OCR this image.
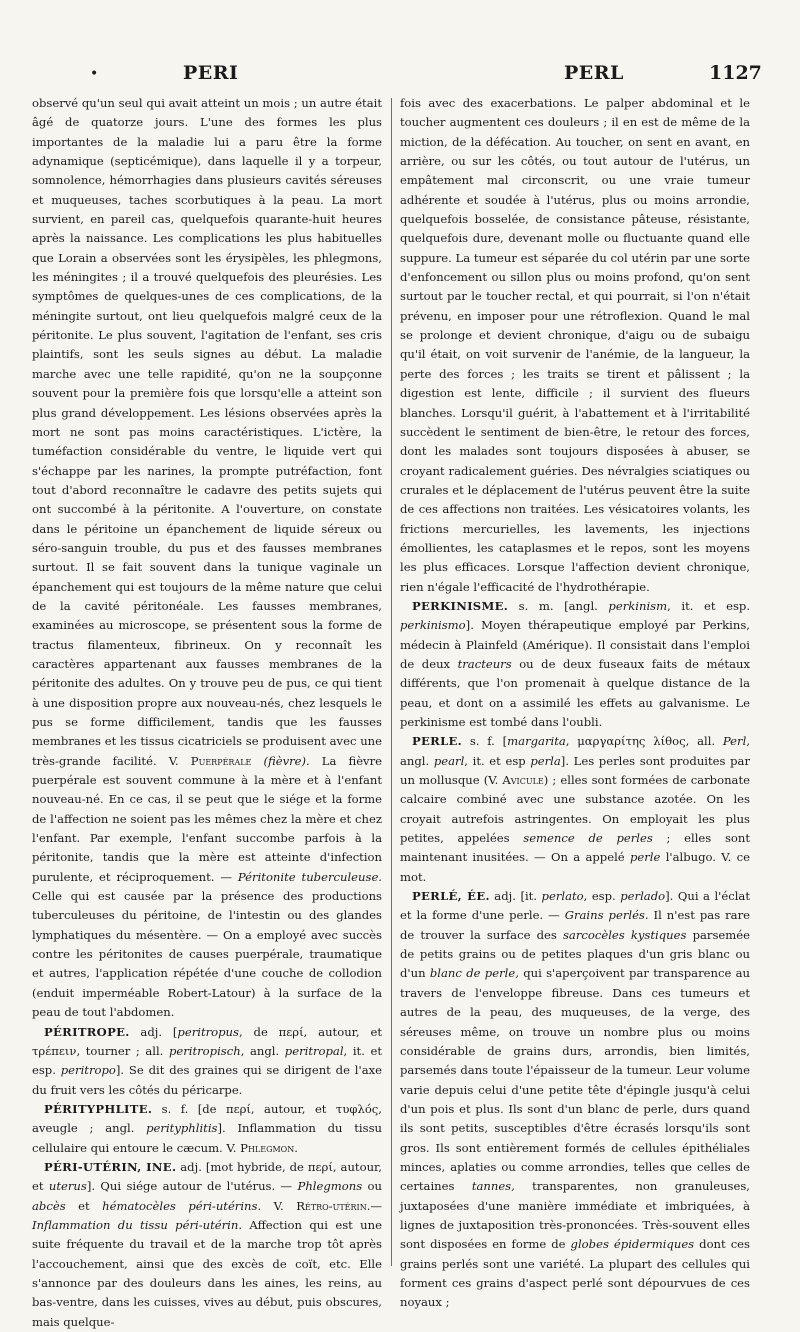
•	PERI	PERL	1127

observé qu'un seul qui avait atteint un mois ; un autre était âgé de quatorze jours. L'une des formes les plus importantes de la maladie lui a paru être la forme adynamique (septicémique), dans laquelle il y a torpeur, somnolence, hémorrhagies dans plusieurs cavités séreuses et muqueuses, taches scorbutiques à la peau. La mort survient, en pareil cas, quelquefois quarante-huit heures après la naissance. Les complications les plus habituelles que Lorain a observées sont les érysipèles, les phlegmons, les méningites ; il a trouvé quelquefois des pleurésies. Les symptômes de quelques-unes de ces complications, de la méningite surtout, ont lieu quelquefois malgré ceux de la péritonite. Le plus souvent, l'agitation de l'enfant, ses cris plaintifs, sont les seuls signes au début. La maladie marche avec une telle rapidité, qu'on ne la soupçonne souvent pour la première fois que lorsqu'elle a atteint son plus grand développement. Les lésions observées après la mort ne sont pas moins caractéristiques. L'ictère, la tuméfaction considérable du ventre, le liquide vert qui s'échappe par les narines, la prompte putréfaction, font tout d'abord reconnaître le cadavre des petits sujets qui ont succombé à la péritonite. A l'ouverture, on constate dans le péritoine un épanchement de liquide séreux ou séro-sanguin trouble, du pus et des fausses membranes surtout. Il se fait souvent dans la tunique vaginale un épanchement qui est toujours de la même nature que celui de la cavité péritonéale. Les fausses membranes, examinées au microscope, se présentent sous la forme de tractus filamenteux, fibrineux. On y reconnaît les caractères appartenant aux fausses membranes de la péritonite des adultes. On y trouve peu de pus, ce qui tient à une disposition propre aux nouveau-nés, chez lesquels le pus se forme difficilement, tandis que les fausses membranes et les tissus cicatriciels se produisent avec une très-grande facilité. V. Puerpérale (fièvre). La fièvre puerpérale est souvent commune à la mère et à l'enfant nouveau-né. En ce cas, il se peut que le siége et la forme de l'affection ne soient pas les mêmes chez la mère et chez l'enfant. Par exemple, l'enfant succombe parfois à la péritonite, tandis que la mère est atteinte d'infection purulente, et réciproquement. — Péritonite tuberculeuse. Celle qui est causée par la présence des productions tuberculeuses du péritoine, de l'intestin ou des glandes lymphatiques du mésentère. — On a employé avec succès contre les péritonites de causes puerpérale, traumatique et autres, l'application répétée d'une couche de collodion (enduit imperméable Robert-Latour) à la surface de la peau de tout l'abdomen.

PÉRITROPE. adj. [peritropus, de περί, autour, et τρέπειν, tourner ; all. peritropisch, angl. peritropal, it. et esp. peritropo]. Se dit des graines qui se dirigent de l'axe du fruit vers les côtés du péricarpe.

PÉRITYPHLITE. s. f. [de περί, autour, et τυφλός, aveugle ; angl. perityphlitis]. Inflammation du tissu cellulaire qui entoure le cæcum. V. Phlegmon.

PÉRI-UTÉRIN, INE. adj. [mot hybride, de περί, autour, et uterus]. Qui siége autour de l'utérus. — Phlegmons ou abcès et hématocèles péri-utérins. V. Rétro-utérin.—Inflammation du tissu péri-utérin. Affection qui est une suite fréquente du travail et de la marche trop tôt après l'accouchement, ainsi que des excès de coït, etc. Elle s'annonce par des douleurs dans les aines, les reins, au bas-ventre, dans les cuisses, vives au début, puis obscures, mais quelque-

fois avec des exacerbations. Le palper abdominal et le toucher augmentent ces douleurs ; il en est de même de la miction, de la défécation. Au toucher, on sent en avant, en arrière, ou sur les côtés, ou tout autour de l'utérus, un empâtement mal circonscrit, ou une vraie tumeur adhérente et soudée à l'utérus, plus ou moins arrondie, quelquefois bosselée, de consistance pâteuse, résistante, quelquefois dure, devenant molle ou fluctuante quand elle suppure. La tumeur est séparée du col utérin par une sorte d'enfoncement ou sillon plus ou moins profond, qu'on sent surtout par le toucher rectal, et qui pourrait, si l'on n'était prévenu, en imposer pour une rétroflexion. Quand le mal se prolonge et devient chronique, d'aigu ou de subaigu qu'il était, on voit survenir de l'anémie, de la langueur, la perte des forces ; les traits se tirent et pâlissent ; la digestion est lente, difficile ; il survient des flueurs blanches. Lorsqu'il guérit, à l'abattement et à l'irritabilité succèdent le sentiment de bien-être, le retour des forces, dont les malades sont toujours disposées à abuser, se croyant radicalement guéries. Des névralgies sciatiques ou crurales et le déplacement de l'utérus peuvent être la suite de ces affections non traitées. Les vésicatoires volants, les frictions mercurielles, les lavements, les injections émollientes, les cataplasmes et le repos, sont les moyens les plus efficaces. Lorsque l'affection devient chronique, rien n'égale l'efficacité de l'hydrothérapie.

PERKINISME. s. m. [angl. perkinism, it. et esp. perkinismo]. Moyen thérapeutique employé par Perkins, médecin à Plainfeld (Amérique). Il consistait dans l'emploi de deux tracteurs ou de deux fuseaux faits de métaux différents, que l'on promenait à quelque distance de la peau, et dont on a assimilé les effets au galvanisme. Le perkinisme est tombé dans l'oubli.

PERLE. s. f. [margarita, μαργαρίτης λίθος, all. Perl, angl. pearl, it. et esp perla]. Les perles sont produites par un mollusque (V. Avicule) ; elles sont formées de carbonate calcaire combiné avec une substance azotée. On les croyait autrefois astringentes. On employait les plus petites, appelées semence de perles ; elles sont maintenant inusitées. — On a appelé perle l'albugo. V. ce mot.

PERLÉ, ÉE. adj. [it. perlato, esp. perlado]. Qui a l'éclat et la forme d'une perle. — Grains perlés. Il n'est pas rare de trouver la surface des sarcocèles kystiques parsemée de petits grains ou de petites plaques d'un gris blanc ou d'un blanc de perle, qui s'aperçoivent par transparence au travers de l'enveloppe fibreuse. Dans ces tumeurs et autres de la peau, des muqueuses, de la verge, des séreuses même, on trouve un nombre plus ou moins considérable de grains durs, arrondis, bien limités, parsemés dans toute l'épaisseur de la tumeur. Leur volume varie depuis celui d'une petite tête d'épingle jusqu'à celui d'un pois et plus. Ils sont d'un blanc de perle, durs quand ils sont petits, susceptibles d'être écrasés lorsqu'ils sont gros. Ils sont entièrement formés de cellules épithéliales minces, aplaties ou comme arrondies, telles que celles de certaines tannes, transparentes, non granuleuses, juxtaposées d'une manière immédiate et imbriquées, à lignes de juxtaposition très-prononcées. Très-souvent elles sont disposées en forme de globes épidermiques dont ces grains perlés sont une variété. La plupart des cellules qui forment ces grains d'aspect perlé sont dépourvues de ces noyaux ;
